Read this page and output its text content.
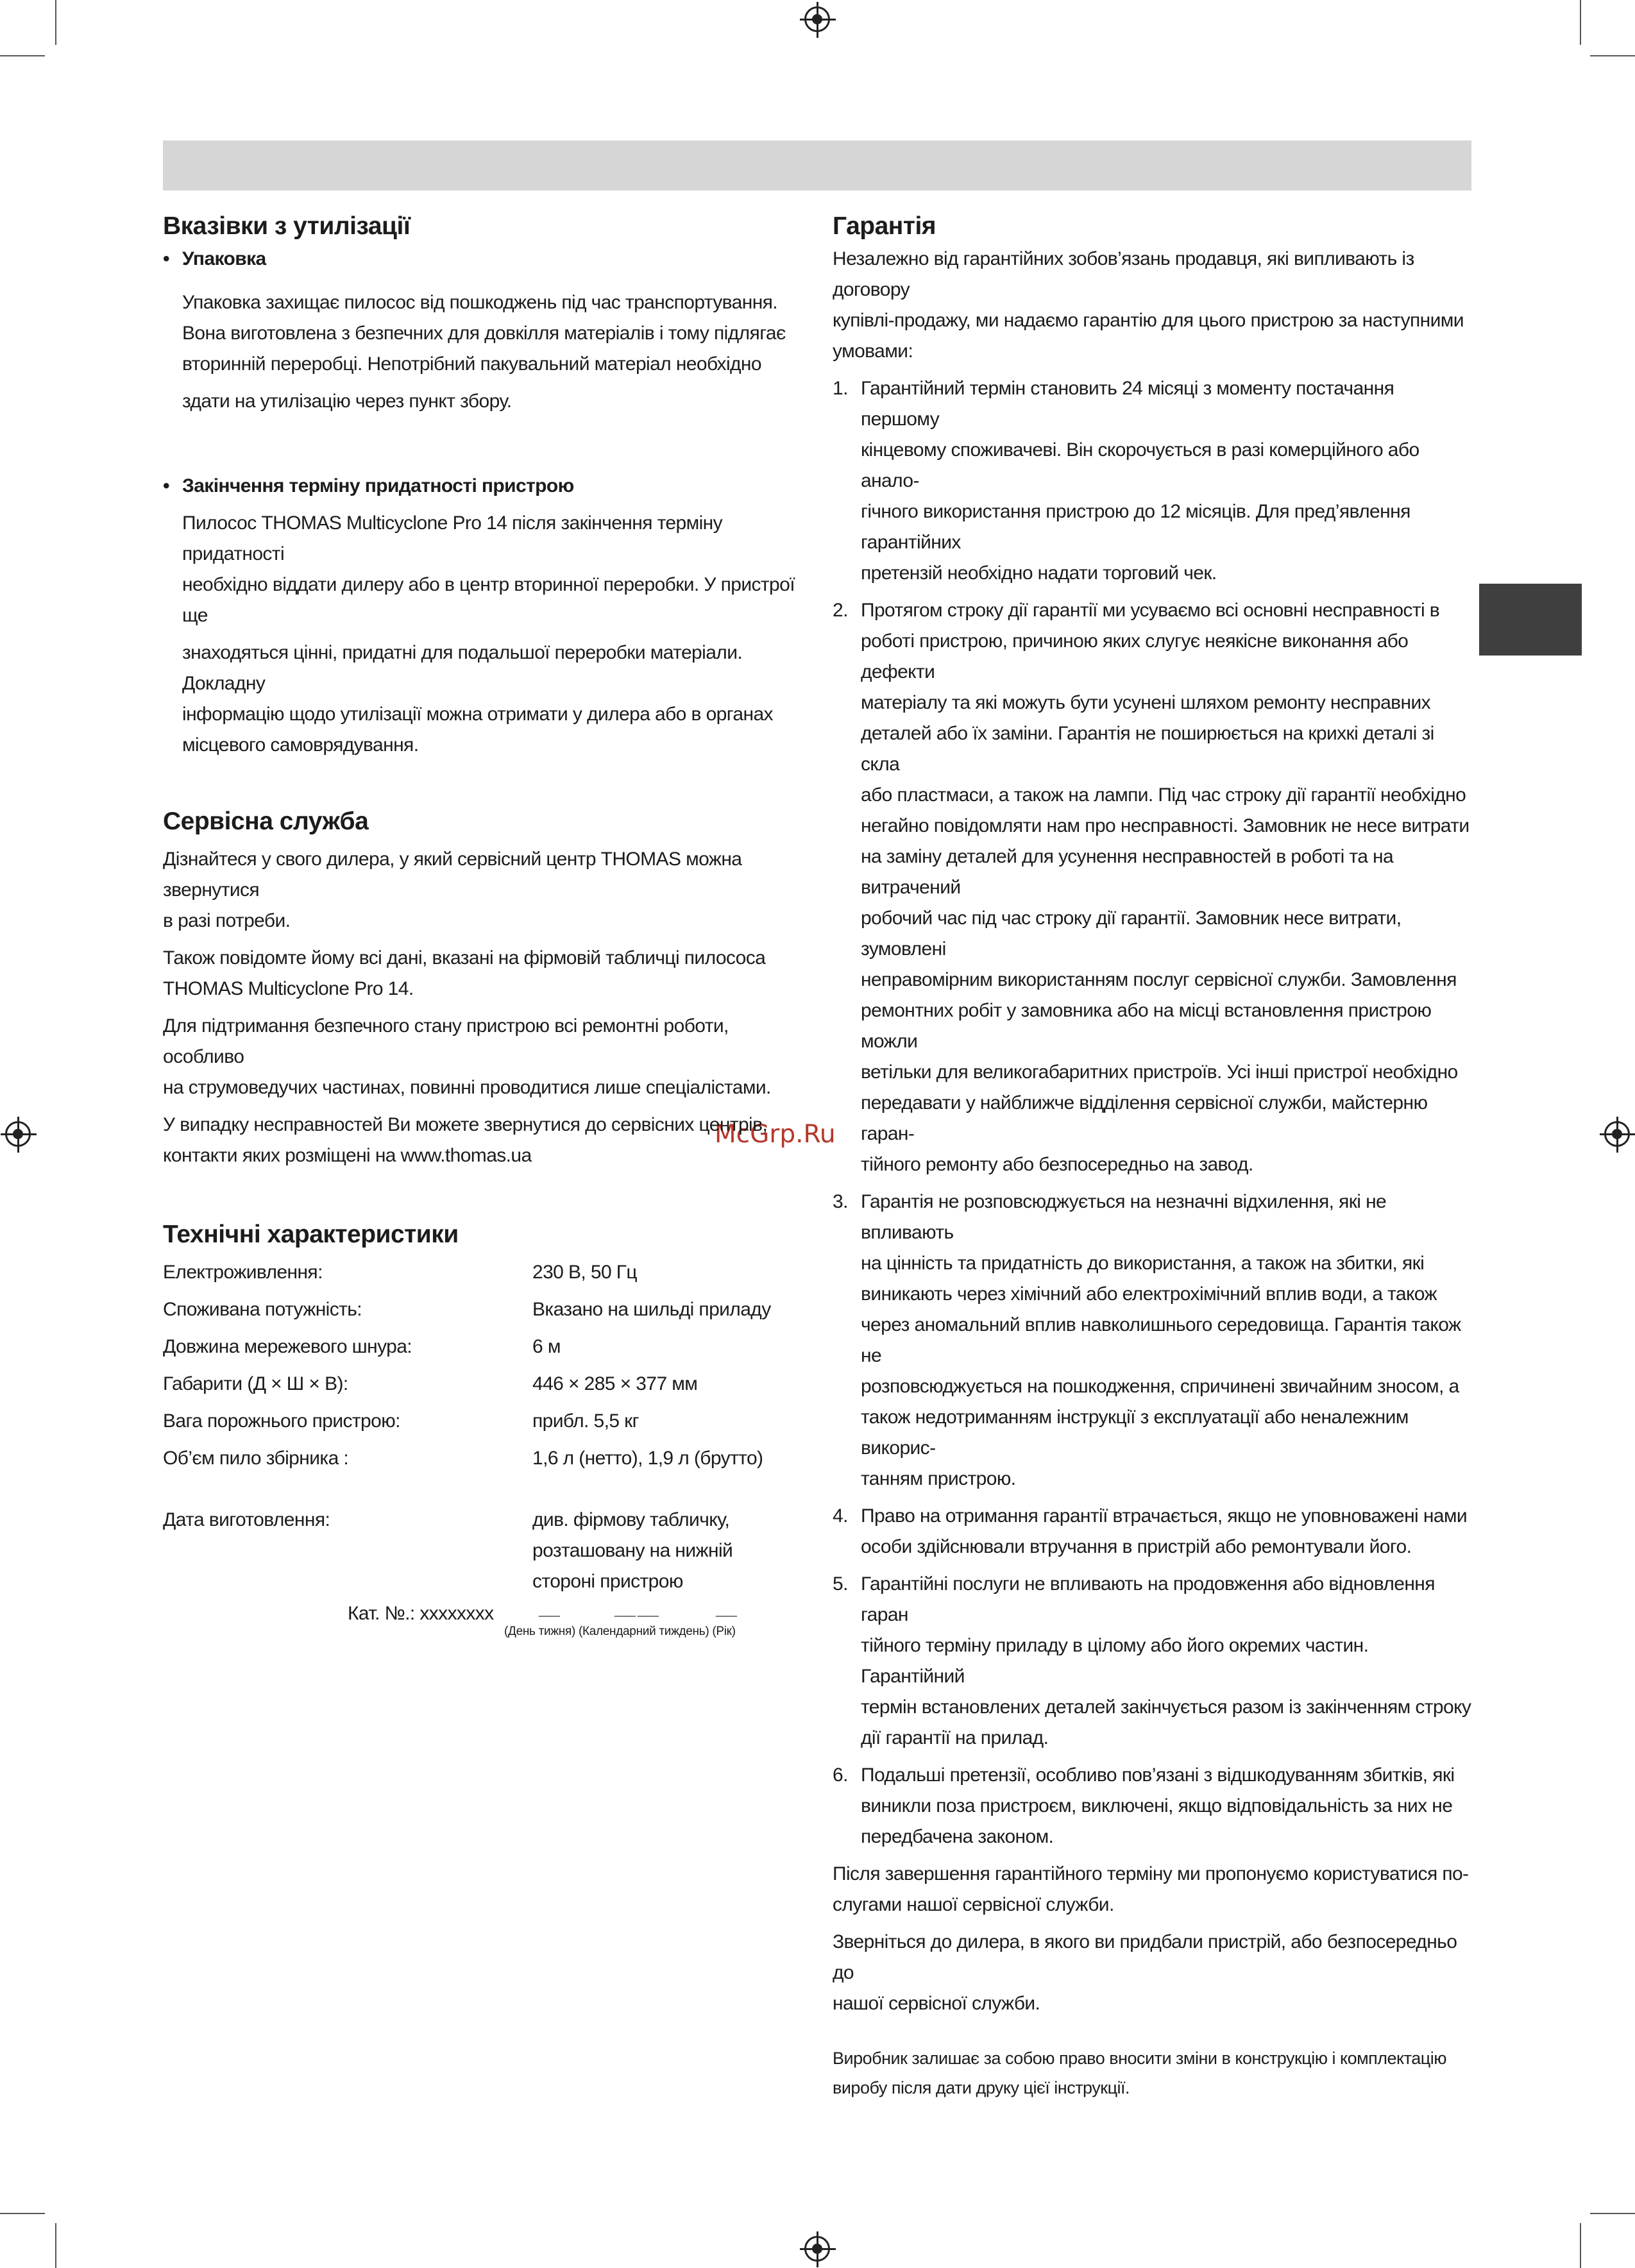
McGrp.Ru
Вказівки з утилізації

• Упаковка

Упаковка захищає пилосос від пошкоджень під час транспортування.

Вона виготовлена з безпечних для довкілля матеріалів і тому підлягає

вторинній переробці. Непотрібний пакувальний матеріал необхідно

здати на утилізацію через пункт збору.

• Закінчення терміну придатності пристрою

Пилосос THOMAS Multicyclone Pro 14 після закінчення терміну придатності

необхідно віддати дилеру або в центр вторинної переробки. У пристрої ще

знаходяться цінні, придатні для подальшої переробки матеріали. Докладну

інформацію щодо утилізації можна отримати у дилера або в органах

місцевого самоврядування.

Сервісна служба

Дізнайтеся у свого дилера, у який сервісний центр THOMAS можна звернутися

в разі потреби.

Також повідомте йому всі дані, вказані на фірмовій табличці пилососа

THOMAS Multicyclone Pro 14.

Для підтримання безпечного стану пристрою всі ремонтні роботи, особливо

на струмоведучих частинах, повинні проводитися лише спеціалістами.

У випадку несправностей Ви можете звернутися до сервісних центрів,

контакти яких розміщені на www.thomas.ua

Технічні характеристики
Електроживлення:	230 В, 50 Гц
Споживана потужність:	Вказано на шильді приладу
Довжина мережевого шнура:	6 м
Габарити (Д × Ш × В):	446 × 285 × 377 мм
Вага порожнього пристрою:	прибл. 5,5 кг
Об’єм пило збірника :	1,6 л (нетто), 1,9 л (брутто)
Дата виготовлення:	див. фірмову табличку,
розташовану на нижній
стороні пристрою
Кат. №.: xxxxxxxx __	__ __	__
(День тижня) (Календарний тиждень) (Рік)
Гарантія

Незалежно від гарантійних зобов’язань продавця, які випливають із договору

купівлі-продажу, ми надаємо гарантію для цього пристрою за наступними

умовами:

1. Гарантійний термін становить 24 місяці з моменту постачання першому

кінцевому споживачеві. Він скорочується в разі комерційного або анало-

гічного використання пристрою до 12 місяців. Для пред’явлення гарантійних

претензій необхідно надати торговий чек.

2. Протягом строку дії гарантії ми усуваємо всі основні несправності в

роботі пристрою, причиною яких слугує неякісне виконання або дефекти

матеріалу та які можуть бути усунені шляхом ремонту несправних

деталей або їх заміни. Гарантія не поширюється на крихкі деталі зі скла

або пластмаси, а також на лампи. Під час строку дії гарантії необхідно

негайно повідомляти нам про несправності. Замовник не несе витрати

на заміну деталей для усунення несправностей в роботі та на витрачений

робочий час під час строку дії гарантії. Замовник несе витрати, зумовлені

неправомірним використанням послуг сервісної служби. Замовлення

ремонтних робіт у замовника або на місці встановлення пристрою можли

ветільки для великогабаритних пристроїв. Усі інші пристрої необхідно

передавати у найближче відділення сервісної служби, майстерню гаран-

тійного ремонту або безпосередньо на завод.

3. Гарантія не розповсюджується на незначні відхилення, які не впливають

на цінність та придатність до використання, а також на збитки, які

виникають через хімічний або електрохімічний вплив води, а також

через аномальний вплив навколишнього середовища. Гарантія також не

розповсюджується на пошкодження, спричинені звичайним зносом, а

також недотриманням інструкції з експлуатації або неналежним викорис-

танням пристрою.

4. Право на отримання гарантії втрачається, якщо не уповноважені нами

особи здійснювали втручання в пристрій або ремонтували його.

5. Гарантійні послуги не впливають на продовження або відновлення гаран

тійного терміну приладу в цілому або його окремих частин. Гарантійний

термін встановлених деталей закінчується разом із закінченням строку

дії гарантії на прилад.

6. Подальші претензії, особливо пов’язані з відшкодуванням збитків, які

виникли поза пристроєм, виключені, якщо відповідальність за них не

передбачена законом.

Після завершення гарантійного терміну ми пропонуємо користуватися по-

слугами нашої сервісної служби.

Зверніться до дилера, в якого ви придбали пристрій, або безпосередньо до

нашої сервісної служби.

Виробник залишає за собою право вносити зміни в конструкцію і комплектацію

виробу після дати друку цієї інструкції.
